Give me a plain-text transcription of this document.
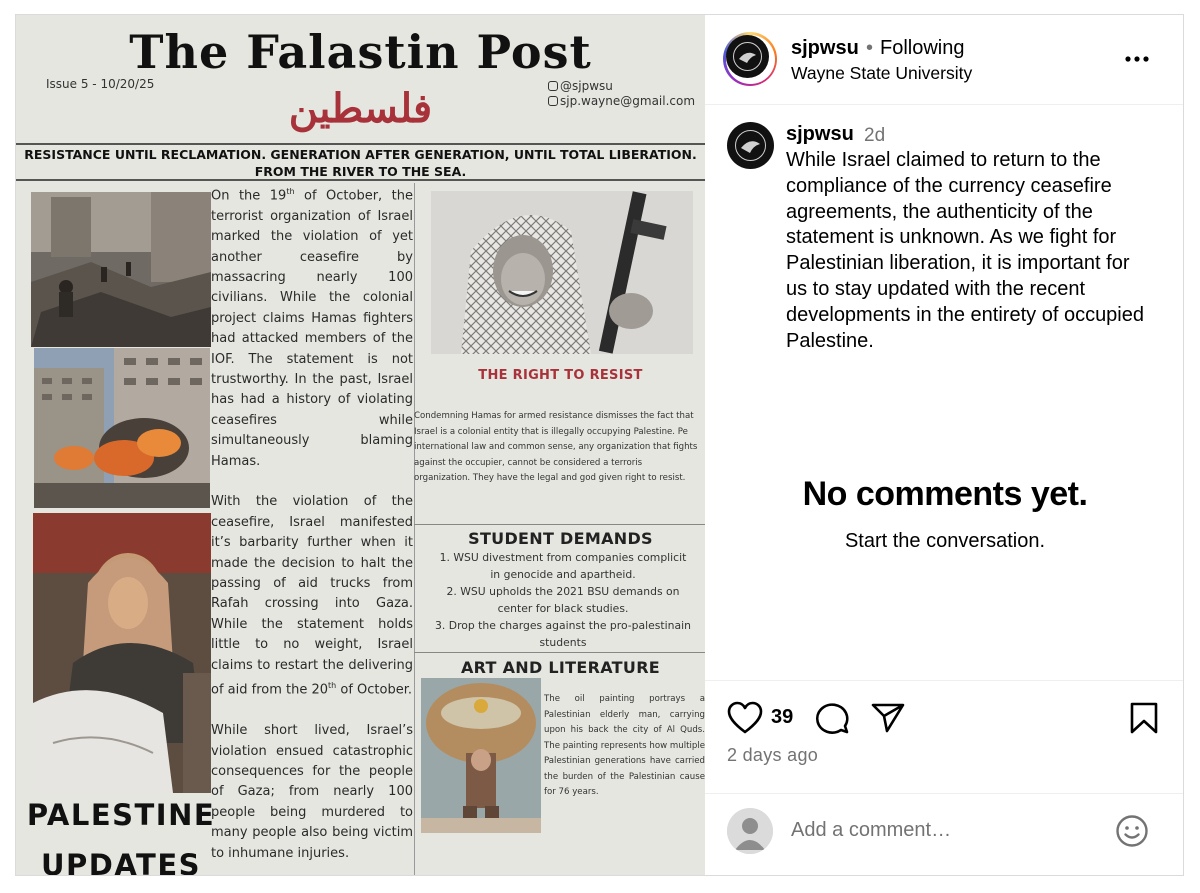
The Falastin Post
Issue 5 - 10/20/25
فلسطين	@sjpwsu
sjp.wayne@gmail.com
RESISTANCE UNTIL RECLAMATION. GENERATION AFTER GENERATION, UNTIL TOTAL LIBERATION.
FROM THE RIVER TO THE SEA.
PALESTINE
UPDATES

On the 19th of October, the terrorist organization of Israel marked the violation of yet another ceasefire by massacring nearly 100 civilians. While the colonial project claims Hamas fighters had attacked members of the IOF. The statement is not trustworthy. In the past, Israel has had a history of violating ceasefires while simultaneously blaming Hamas.

With the violation of the ceasefire, Israel manifested it’s barbarity further when it made the decision to halt the passing of aid trucks from Rafah crossing into Gaza. While the statement holds little to no weight, Israel claims to restart the delivering of aid from the 20th of October.

While short lived, Israel’s violation ensued catastrophic consequences for the people of Gaza; from nearly 100 people being murdered to many people also being victim to inhumane injuries.

THE RIGHT TO RESIST
Condemning Hamas for armed resistance dismisses the fact that
Israel is a colonial entity that is illegally occupying Palestine. Pe
international law and common sense, any organization that fights
against the occupier, cannot be considered a terroris
organization. They have the legal and god given right to resist.
STUDENT DEMANDS
1. WSU divestment from companies complicit
in genocide and apartheid.
2. WSU upholds the 2021 BSU demands on
center for black studies.
3. Drop the charges against the pro-palestinain
students
ART AND LITERATURE
The oil painting portrays a Palestinian elderly man, carrying upon his back the city of Al Quds. The painting represents how multiple Palestinian generations have carried the burden of the Palestinian cause for 76 years.
sjpwsu • Following
Wayne State University
sjpwsu 2d
While Israel claimed to return to the compliance of the currency ceasefire agreements, the authenticity of the statement is unknown. As we fight for Palestinian liberation, it is important for us to stay updated with the recent developments in the entirety of occupied Palestine.
No comments yet.
Start the conversation.
39
2 days ago
Add a comment…
